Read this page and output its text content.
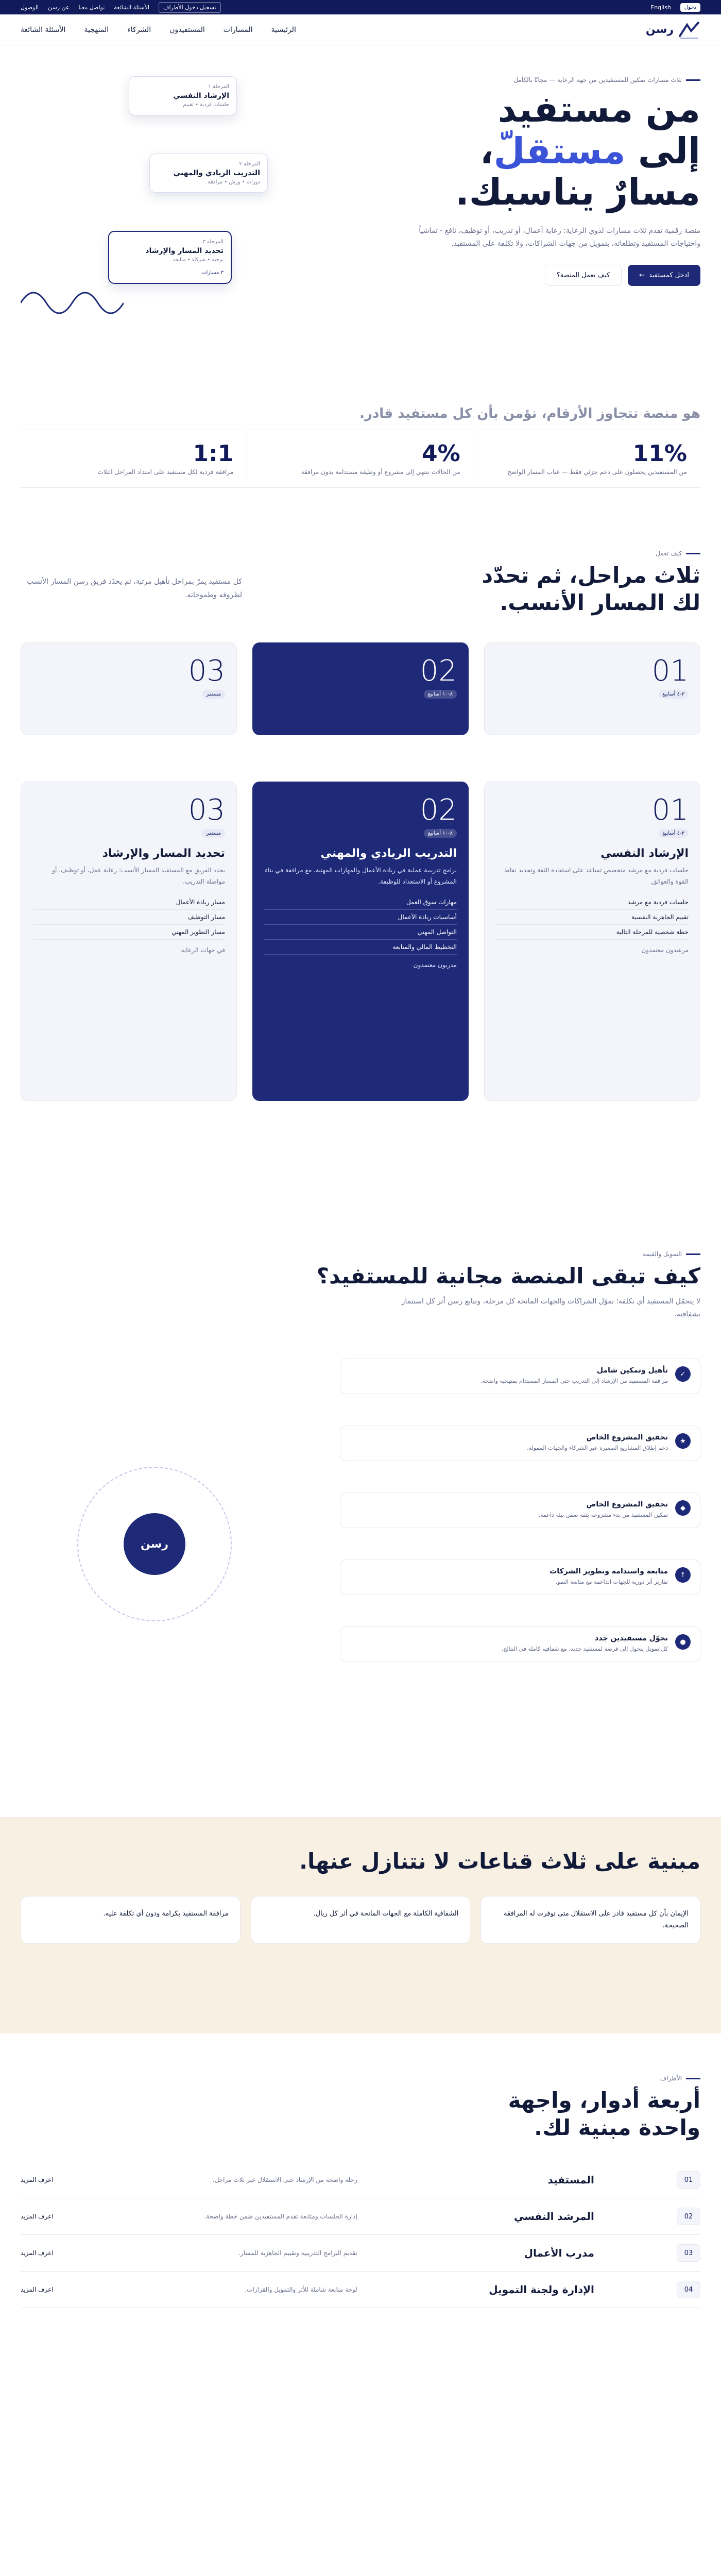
دخول
English
تسجيل دخول الأطراف
الأسئلة الشائعة
تواصل معنا
عن رسن
الوصول
رسن
الرئيسية
المسارات
المستفيدون
الشركاء
المنهجية
الأسئلة الشائعة
ثلاث مسارات تمكين للمستفيدين من جهة الرعاية — مجانًا بالكامل
من مستفيد
إلى مستقلّ،
مسارٌ يناسبك.

منصة رقمية تقدم ثلاث مسارات لذوي الرعاية: رعاية أعمال، أو تدريب، أو توظيف، نافع - تماشياً واحتياجات المستفيد وتطلعاته، بتمويل من جهات الشراكات، ولا تكلفة على المستفيد.

ادخل كمستفيد
←
كيف تعمل المنصة؟
المرحلة ١
الإرشاد النفسي
جلسات فردية • تقييم
المرحلة ٢
التدريب الريادي والمهني
دورات • ورش • مرافقة
المرحلة ٣
تحديد المسار والإرشاد
توجيه • شركاء • متابعة
٣ مسارات

هو منصة تتجاوز الأرقام، نؤمن بأن كل مستفيد قادر.

11%
من المستفيدين يحصلون على دعم جزئي فقط — غياب المسار الواضح
4%
من الحالات تنتهي إلى مشروع أو وظيفة مستدامة بدون مرافقة
1:1
مرافقة فردية لكل مستفيد على امتداد المراحل الثلاث
كيف تعمل
ثلاث مراحل، ثم تحدّد
لك المسار الأنسب.

كل مستفيد يمرّ بمراحل تأهيل مرتبة، ثم يحدّد فريق رسن المسار الأنسب لظروفه وطموحاته.

01
٣-٤ أسابيع
02
٨-١٠ أسابيع
03
مستمر
01
٣-٤ أسابيع
الإرشاد النفسي

جلسات فردية مع مرشد متخصص تساعد على استعادة الثقة وتحديد نقاط القوة والعوائق.

جلسات فردية مع مرشد
تقييم الجاهزية النفسية
خطة شخصية للمرحلة التالية

مرشدون معتمدون

02
٨-١٠ أسابيع
التدريب الريادي والمهني

برامج تدريبية عملية في ريادة الأعمال والمهارات المهنية، مع مرافقة في بناء المشروع أو الاستعداد للوظيفة.

مهارات سوق العمل
أساسيات ريادة الأعمال
التواصل المهني
التخطيط المالي والمتابعة

مدربون معتمدون

03
مستمر
تحديد المسار والإرشاد

يحدد الفريق مع المستفيد المسار الأنسب: رعاية عمل، أو توظيف، أو مواصلة التدريب.

مسار ريادة الأعمال
مسار التوظيف
مسار التطوير المهني

في جهات الرعاية

التمويل والقيمة
كيف تبقى المنصة مجانية للمستفيد؟

لا يتحمّل المستفيد أي تكلفة؛ تموّل الشراكات والجهات المانحة كل مرحلة، وتتابع رسن أثر كل استثمار بشفافية.

✓
تأهيل وتمكين شامل
مرافقة المستفيد من الإرشاد إلى التدريب حتى المسار المستدام بمنهجية واضحة.
★
تحقيق المشروع الخاص
دعم إطلاق المشاريع الصغيرة عبر الشركاء والجهات الممولة.
◆
تحقيق المشروع الخاص
تمكين المستفيد من بدء مشروعه بثقة ضمن بيئة داعمة.
↑
متابعة واستدامة وتطوير الشركات
تقارير أثر دورية للجهات الداعمة مع متابعة النمو.
●
تحوّل مستفيدين جدد
كل تمويل يتحول إلى فرصة لمستفيد جديد، مع شفافية كاملة في النتائج.
رسن
مبنية على ثلاث قناعات لا نتنازل عنها.
الإيمان بأن كل مستفيد قادر على الاستقلال متى توفرت له المرافقة الصحيحة.
الشفافية الكاملة مع الجهات المانحة في أثر كل ريال.
مرافقة المستفيد بكرامة ودون أي تكلفة عليه.
الأطراف
أربعة أدوار، واجهة
واحدة مبنية لك.
01
المستفيد
رحلة واضحة من الإرشاد حتى الاستقلال عبر ثلاث مراحل.
اعرف المزيد
02
المرشد النفسي
إدارة الجلسات ومتابعة تقدم المستفيدين ضمن خطة واضحة.
اعرف المزيد
03
مدرب الأعمال
تقديم البرامج التدريبية وتقييم الجاهزية للمسار.
اعرف المزيد
04
الإدارة ولجنة التمويل
لوحة متابعة شاملة للأثر والتمويل والقرارات.
اعرف المزيد
